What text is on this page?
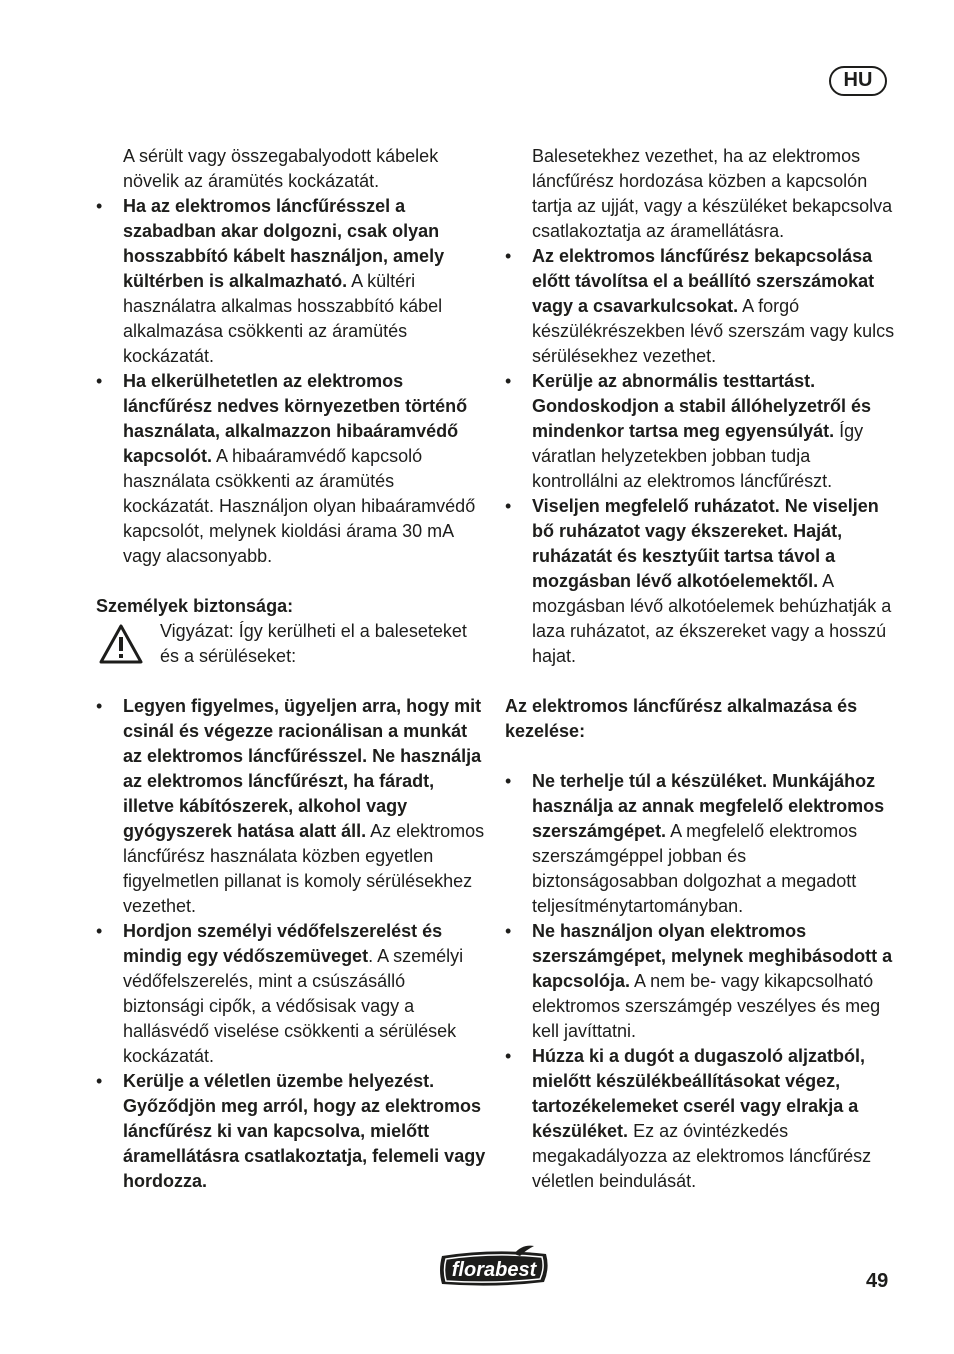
HU

A sérült vagy összegabalyodott kábelek növelik az áramütés kockázatát.

• Ha az elektromos láncfűrésszel a szabadban akar dolgozni, csak olyan hosszabbító kábelt használjon, amely kültérben is alkalmazható. A kültéri használatra alkalmas hosszabbító kábel alkalmazása csökkenti az áramütés kockázatát.

• Ha elkerülhetetlen az elektromos láncfűrész nedves környezetben történő használata, alkalmazzon hibaáramvédő kapcsolót. A hibaáramvédő kapcsoló használata csökkenti az áramütés kockázatát. Használjon olyan hibaáramvédő kapcsolót, melynek kioldási árama 30 mA vagy alacsonyabb.

Személyek biztonsága:

Vigyázat: Így kerülheti el a baleseteket és a sérüléseket:

• Legyen figyelmes, ügyeljen arra, hogy mit csinál és végezze racionálisan a munkát az elektromos láncfűrésszel. Ne használja az elektromos láncfűrészt, ha fáradt, illetve kábítószerek, alkohol vagy gyógyszerek hatása alatt áll. Az elektromos láncfűrész használata közben egyetlen figyelmetlen pillanat is komoly sérülésekhez vezethet.

• Hordjon személyi védőfelszerelést és mindig egy védőszemüveget. A személyi védőfelszerelés, mint a csúszásálló biztonsági cipők, a védősisak vagy a hallásvédő viselése csökkenti a sérülések kockázatát.

• Kerülje a véletlen üzembe helyezést. Győződjön meg arról, hogy az elektromos láncfűrész ki van kapcsolva, mielőtt áramellátásra csatlakoztatja, felemeli vagy hordozza.

Balesetekhez vezethet, ha az elektromos láncfűrész hordozása közben a kapcsolón tartja az ujját, vagy a készüléket bekapcsolva csatlakoztatja az áramellátásra.

• Az elektromos láncfűrész bekapcsolása előtt távolítsa el a beállító szerszámokat vagy a csavarkulcsokat. A forgó készülékrészekben lévő szerszám vagy kulcs sérülésekhez vezethet.

• Kerülje az abnormális testtartást. Gondoskodjon a stabil állóhelyzetről és mindenkor tartsa meg egyensúlyát. Így váratlan helyzetekben jobban tudja kontrollálni az elektromos láncfűrészt.

• Viseljen megfelelő ruházatot. Ne viseljen bő ruházatot vagy ékszereket. Haját, ruházatát és kesztyűit tartsa távol a mozgásban lévő alkotóelemektől. A mozgásban lévő alkotóelemek behúzhatják a laza ruházatot, az ékszereket vagy a hosszú hajat.

Az elektromos láncfűrész alkalmazása és kezelése:

• Ne terhelje túl a készüléket. Munkájához használja az annak megfelelő elektromos szerszámgépet. A megfelelő elektromos szerszámgéppel jobban és biztonságosabban dolgozhat a megadott teljesítménytartományban.

• Ne használjon olyan elektromos szerszámgépet, melynek meghibásodott a kapcsolója. A nem be- vagy kikapcsolható elektromos szerszámgép veszélyes és meg kell javíttatni.

• Húzza ki a dugót a dugaszoló aljzatból, mielőtt készülékbeállításokat végez, tartozékelemeket cserél vagy elrakja a készüléket. Ez az óvintézkedés megakadályozza az elektromos láncfűrész véletlen beindulását.

florabest	49
